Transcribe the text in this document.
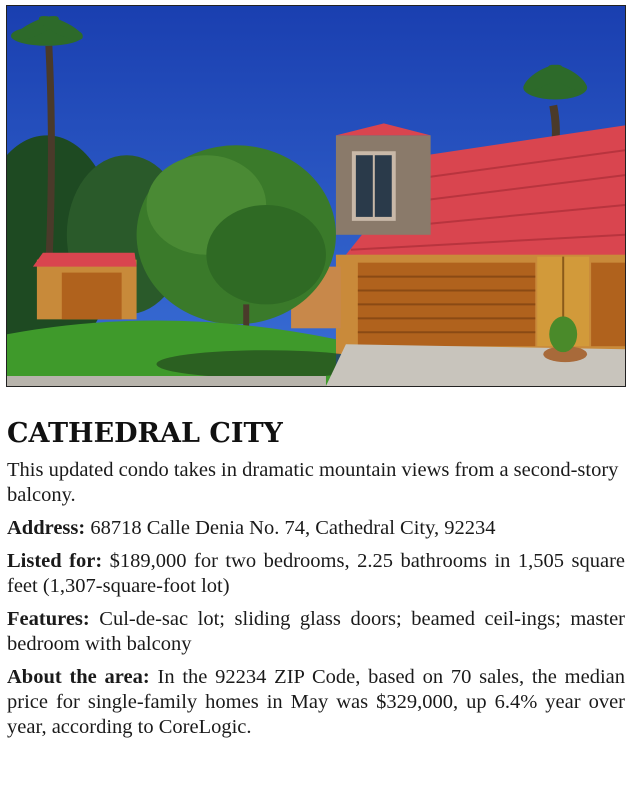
CATHEDRAL CITY

This updated condo takes in dramatic mountain views from a second-story balcony.

Address: 68718 Calle Denia No. 74, Cathedral City, 92234

Listed for: $189,000 for two bedrooms, 2.25 bathrooms in 1,505 square feet (1,307-square-foot lot)

Features: Cul-de-sac lot; sliding glass doors; beamed ceil-ings; master bedroom with balcony

About the area: In the 92234 ZIP Code, based on 70 sales, the median price for single-family homes in May was $329,000, up 6.4% year over year, according to CoreLogic.
